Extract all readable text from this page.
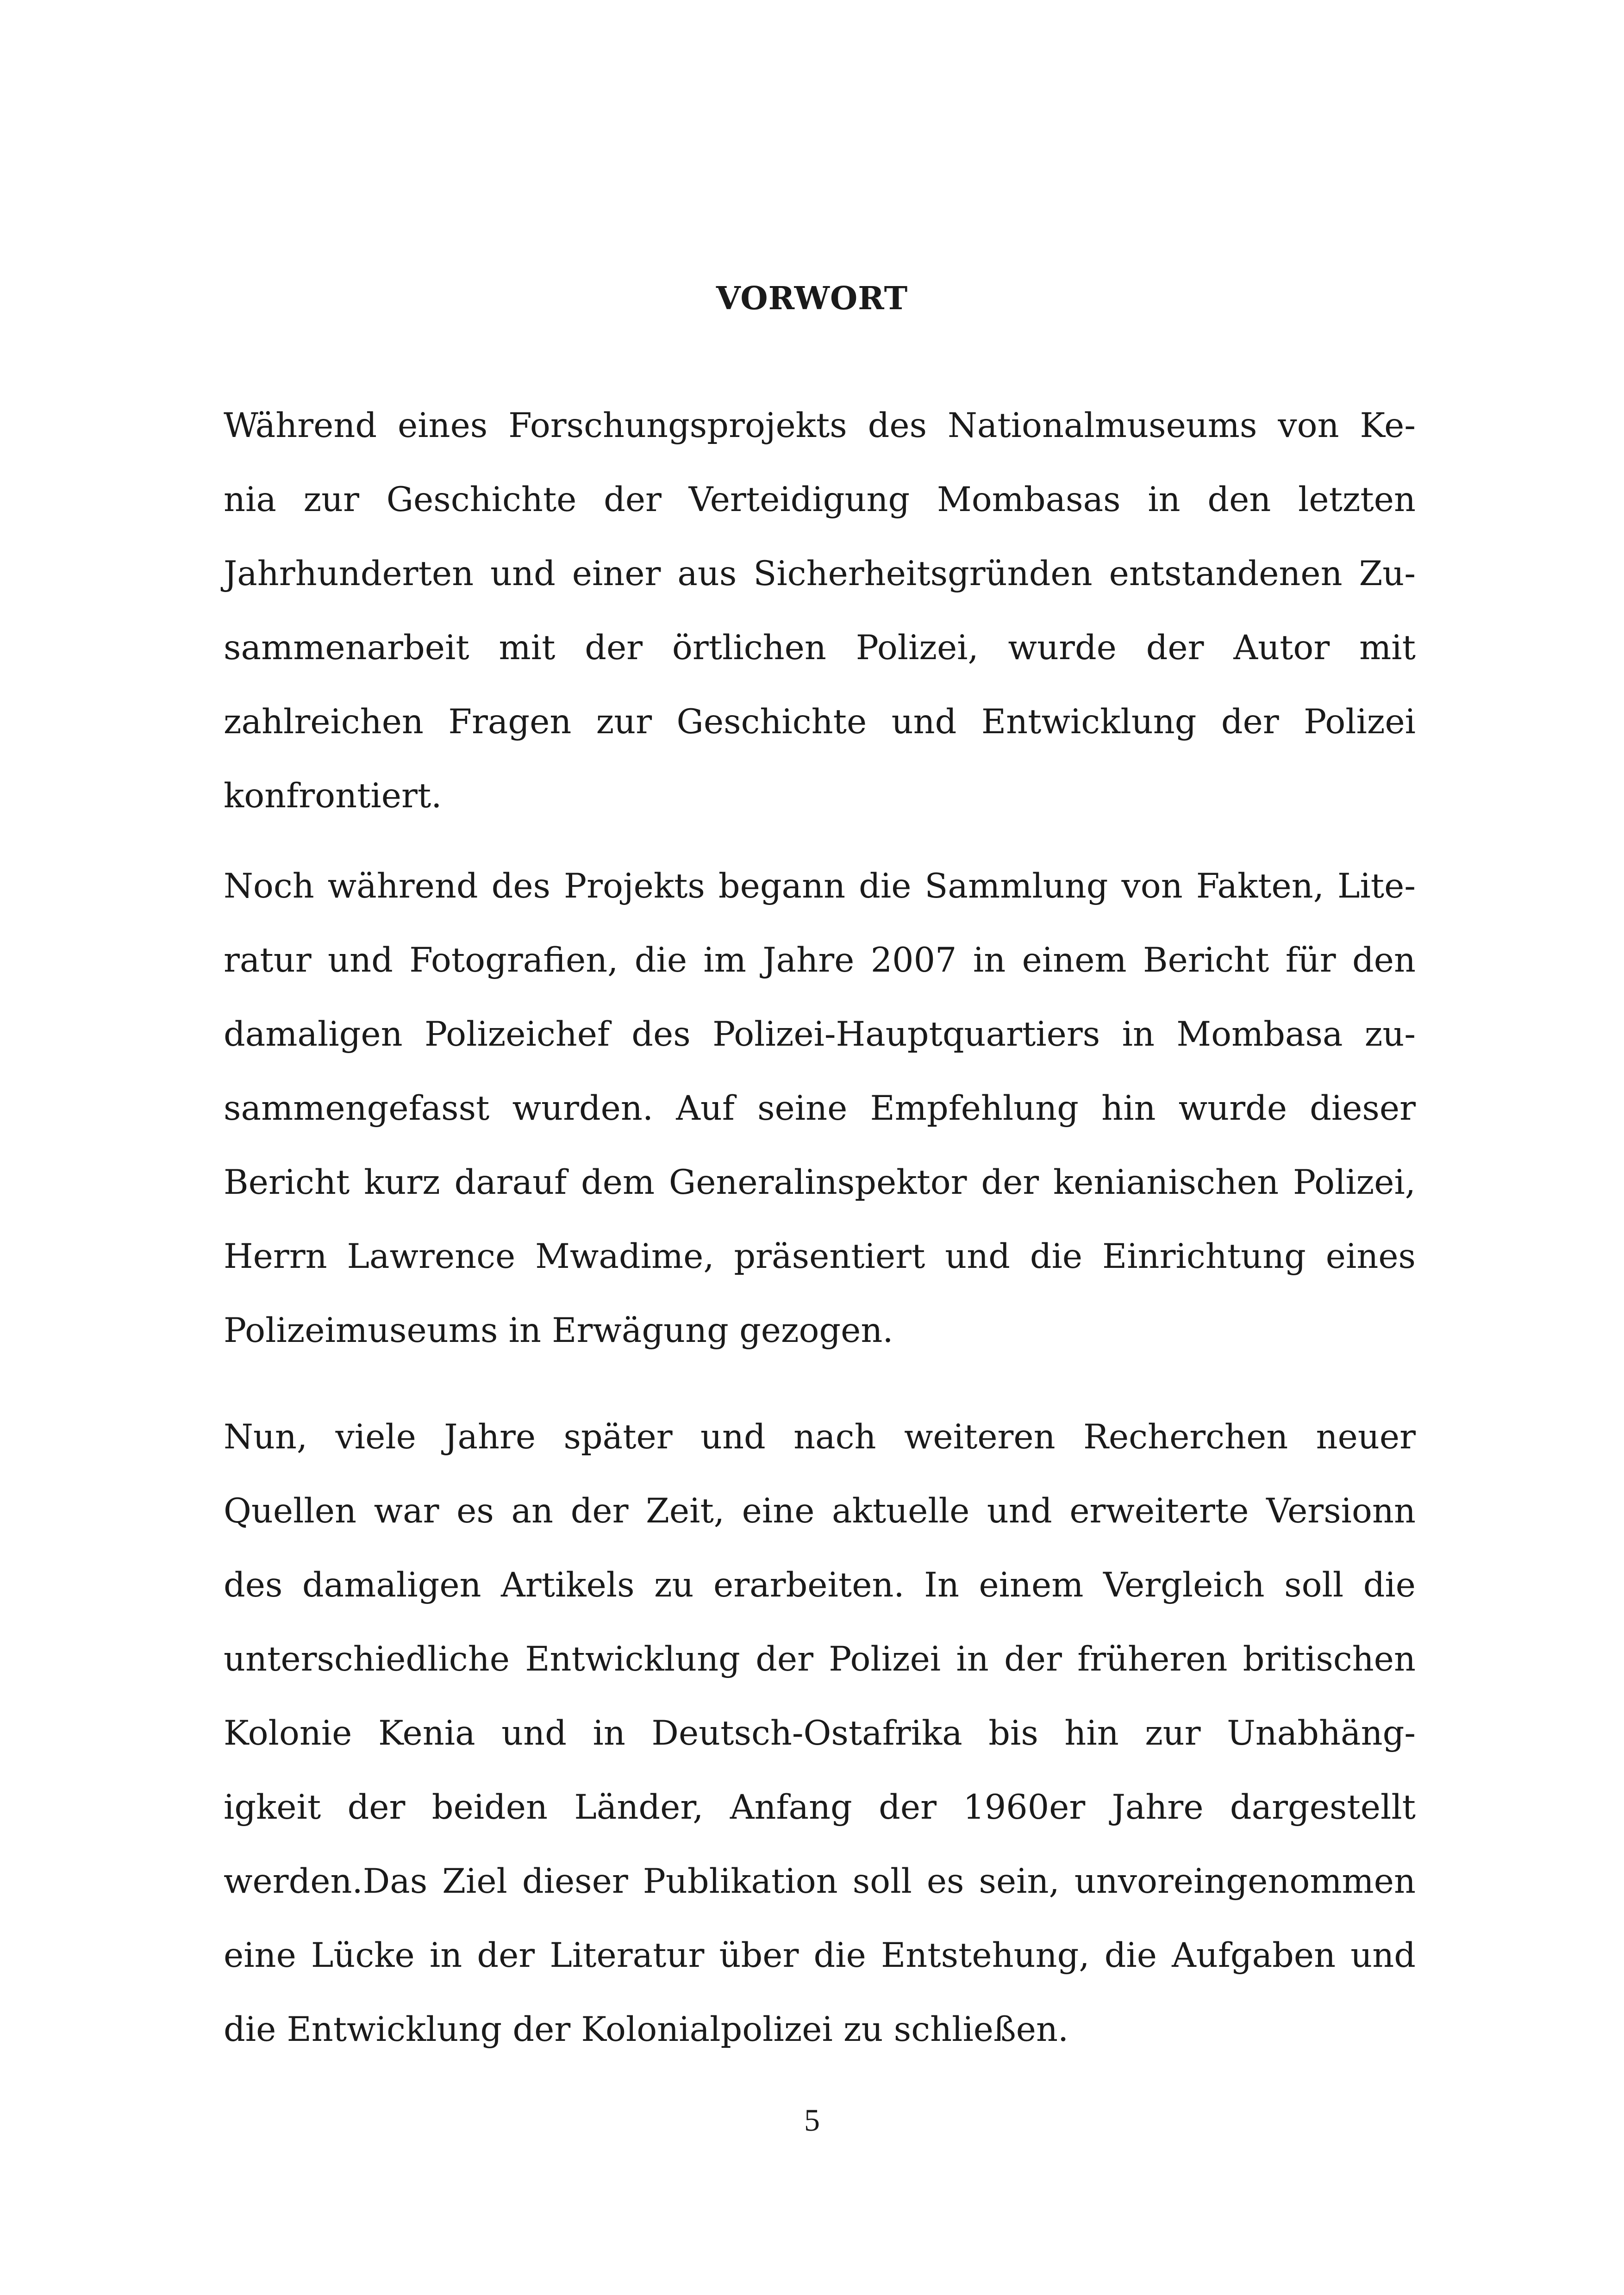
VORWORT

Während eines Forschungsprojekts des Nationalmuseums von Ke-

nia zur Geschichte der Verteidigung Mombasas in den letzten

Jahrhunderten und einer aus Sicherheitsgründen entstandenen Zu-

sammenarbeit mit der örtlichen Polizei, wurde der Autor mit

zahlreichen Fragen zur Geschichte und Entwicklung der Polizei

konfrontiert.

Noch während des Projekts begann die Sammlung von Fakten, Lite-

ratur und Fotografien, die im Jahre 2007 in einem Bericht für den

damaligen Polizeichef des Polizei-Hauptquartiers in Mombasa zu-

sammengefasst wurden. Auf seine Empfehlung hin wurde dieser

Bericht kurz darauf dem Generalinspektor der kenianischen Polizei,

Herrn Lawrence Mwadime, präsentiert und die Einrichtung eines

Polizeimuseums in Erwägung gezogen.

Nun, viele Jahre später und nach weiteren Recherchen neuer

Quellen war es an der Zeit, eine aktuelle und erweiterte Versionn

des damaligen Artikels zu erarbeiten. In einem Vergleich soll die

unterschiedliche Entwicklung der Polizei in der früheren britischen

Kolonie Kenia und in Deutsch-Ostafrika bis hin zur Unabhäng-

igkeit der beiden Länder, Anfang der 1960er Jahre dargestellt

werden.Das Ziel dieser Publikation soll es sein, unvoreingenommen

eine Lücke in der Literatur über die Entstehung, die Aufgaben und

die Entwicklung der Kolonialpolizei zu schließen.

5
